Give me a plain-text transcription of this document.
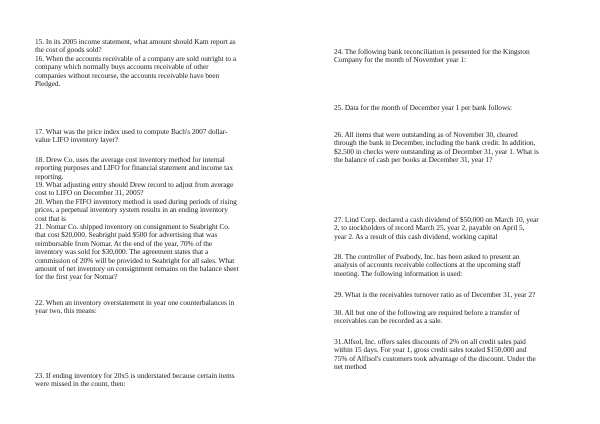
15. In its 2005 income statement, what amount should Kam report as
the cost of goods sold?

16. When the accounts receivable of a company are sold outright to a
company which normally buys accounts receivable of other
companies without recourse, the accounts receivable have been
Pledged.

17. What was the price index used to compute Bach's 2007 dollar-
value LIFO inventory layer?

18. Drew Co. uses the average cost inventory method for internal
reporting purposes and LIFO for financial statement and income tax
reporting.

19. What adjusting entry should Drew record to adjust from average
cost to LIFO on December 31, 2005?

20. When the FIFO inventory method is used during periods of rising
prices, a perpetual inventory system results in an ending inventory
cost that is

21. Nomar Co. shipped inventory on consignment to Seabright Co.
that cost $20,000. Seabright paid $500 for advertising that was
reimbursable from Nomar. At the end of the year, 70% of the
inventory was sold for $30,000. The agreement states that a
commission of 20% will be provided to Seabright for all sales. What
amount of net inventory on consignment remains on the balance sheet
for the first year for Nomar?

22. When an inventory overstatement in year one counterbalances in
year two, this means:

23. If ending inventory for 20x5 is understated because certain items
were missed in the count, then:

24. The following bank reconciliation is presented for the Kingston
Company for the month of November year 1:

25. Data for the month of December year 1 per bank follows:

26. All items that were outstanding as of November 30, cleared
through the bank in December, including the bank credit. In addition,
$2,500 in checks were outstanding as of December 31, year 1. What is
the balance of cash per books at December 31, year 1?

27. Lind Corp. declared a cash dividend of $50,000 on March 10, year
2, to stockholders of record March 25, year 2, payable on April 5,
year 2. As a result of this cash dividend, working capital

28. The controller of Peabody, Inc. has been asked to present an
analysis of accounts receivable collections at the upcoming staff
meeting. The following information is used:

29. What is the receivables turnover ratio as of December 31, year 2?

30. All but one of the following are required before a transfer of
receivables can be recorded as a sale.

31.Alfsol, Inc. offers sales discounts of 2% on all credit sales paid
within 15 days. For year 1, gross credit sales totaled $150,000 and
75% of Alfisol's customers took advantage of the discount. Under the
net method
